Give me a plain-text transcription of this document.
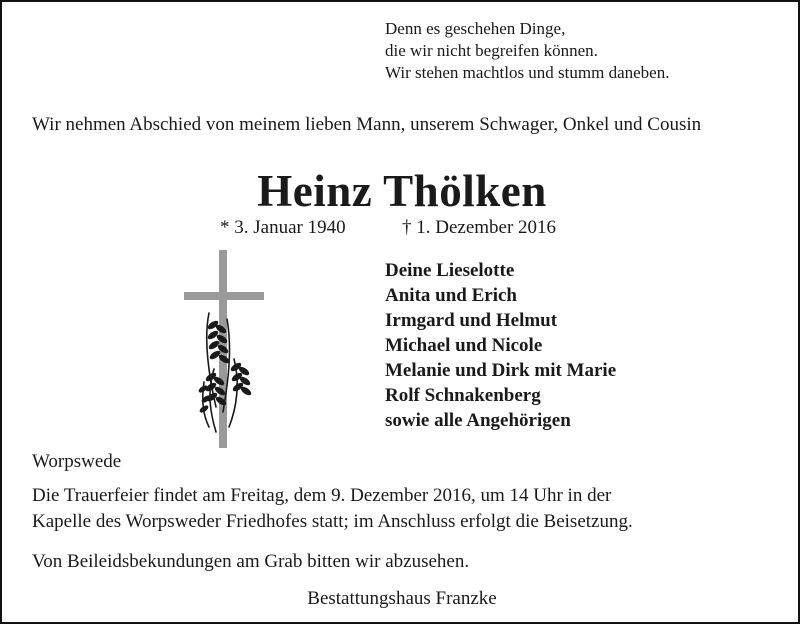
Denn es geschehen Dinge,
die wir nicht begreifen können.
Wir stehen machtlos und stumm daneben.
Wir nehmen Abschied von meinem lieben Mann, unserem Schwager, Onkel und Cousin
Heinz Thölken
* 3. Januar 1940	† 1. Dezember 2016
Deine Lieselotte
Anita und Erich
Irmgard und Helmut
Michael und Nicole
Melanie und Dirk mit Marie
Rolf Schnakenberg
sowie alle Angehörigen
Worpswede
Die Trauerfeier findet am Freitag, dem 9. Dezember 2016, um 14 Uhr in der
Kapelle des Worpsweder Friedhofes statt; im Anschluss erfolgt die Beisetzung.
Von Beileidsbekundungen am Grab bitten wir abzusehen.
Bestattungshaus Franzke
